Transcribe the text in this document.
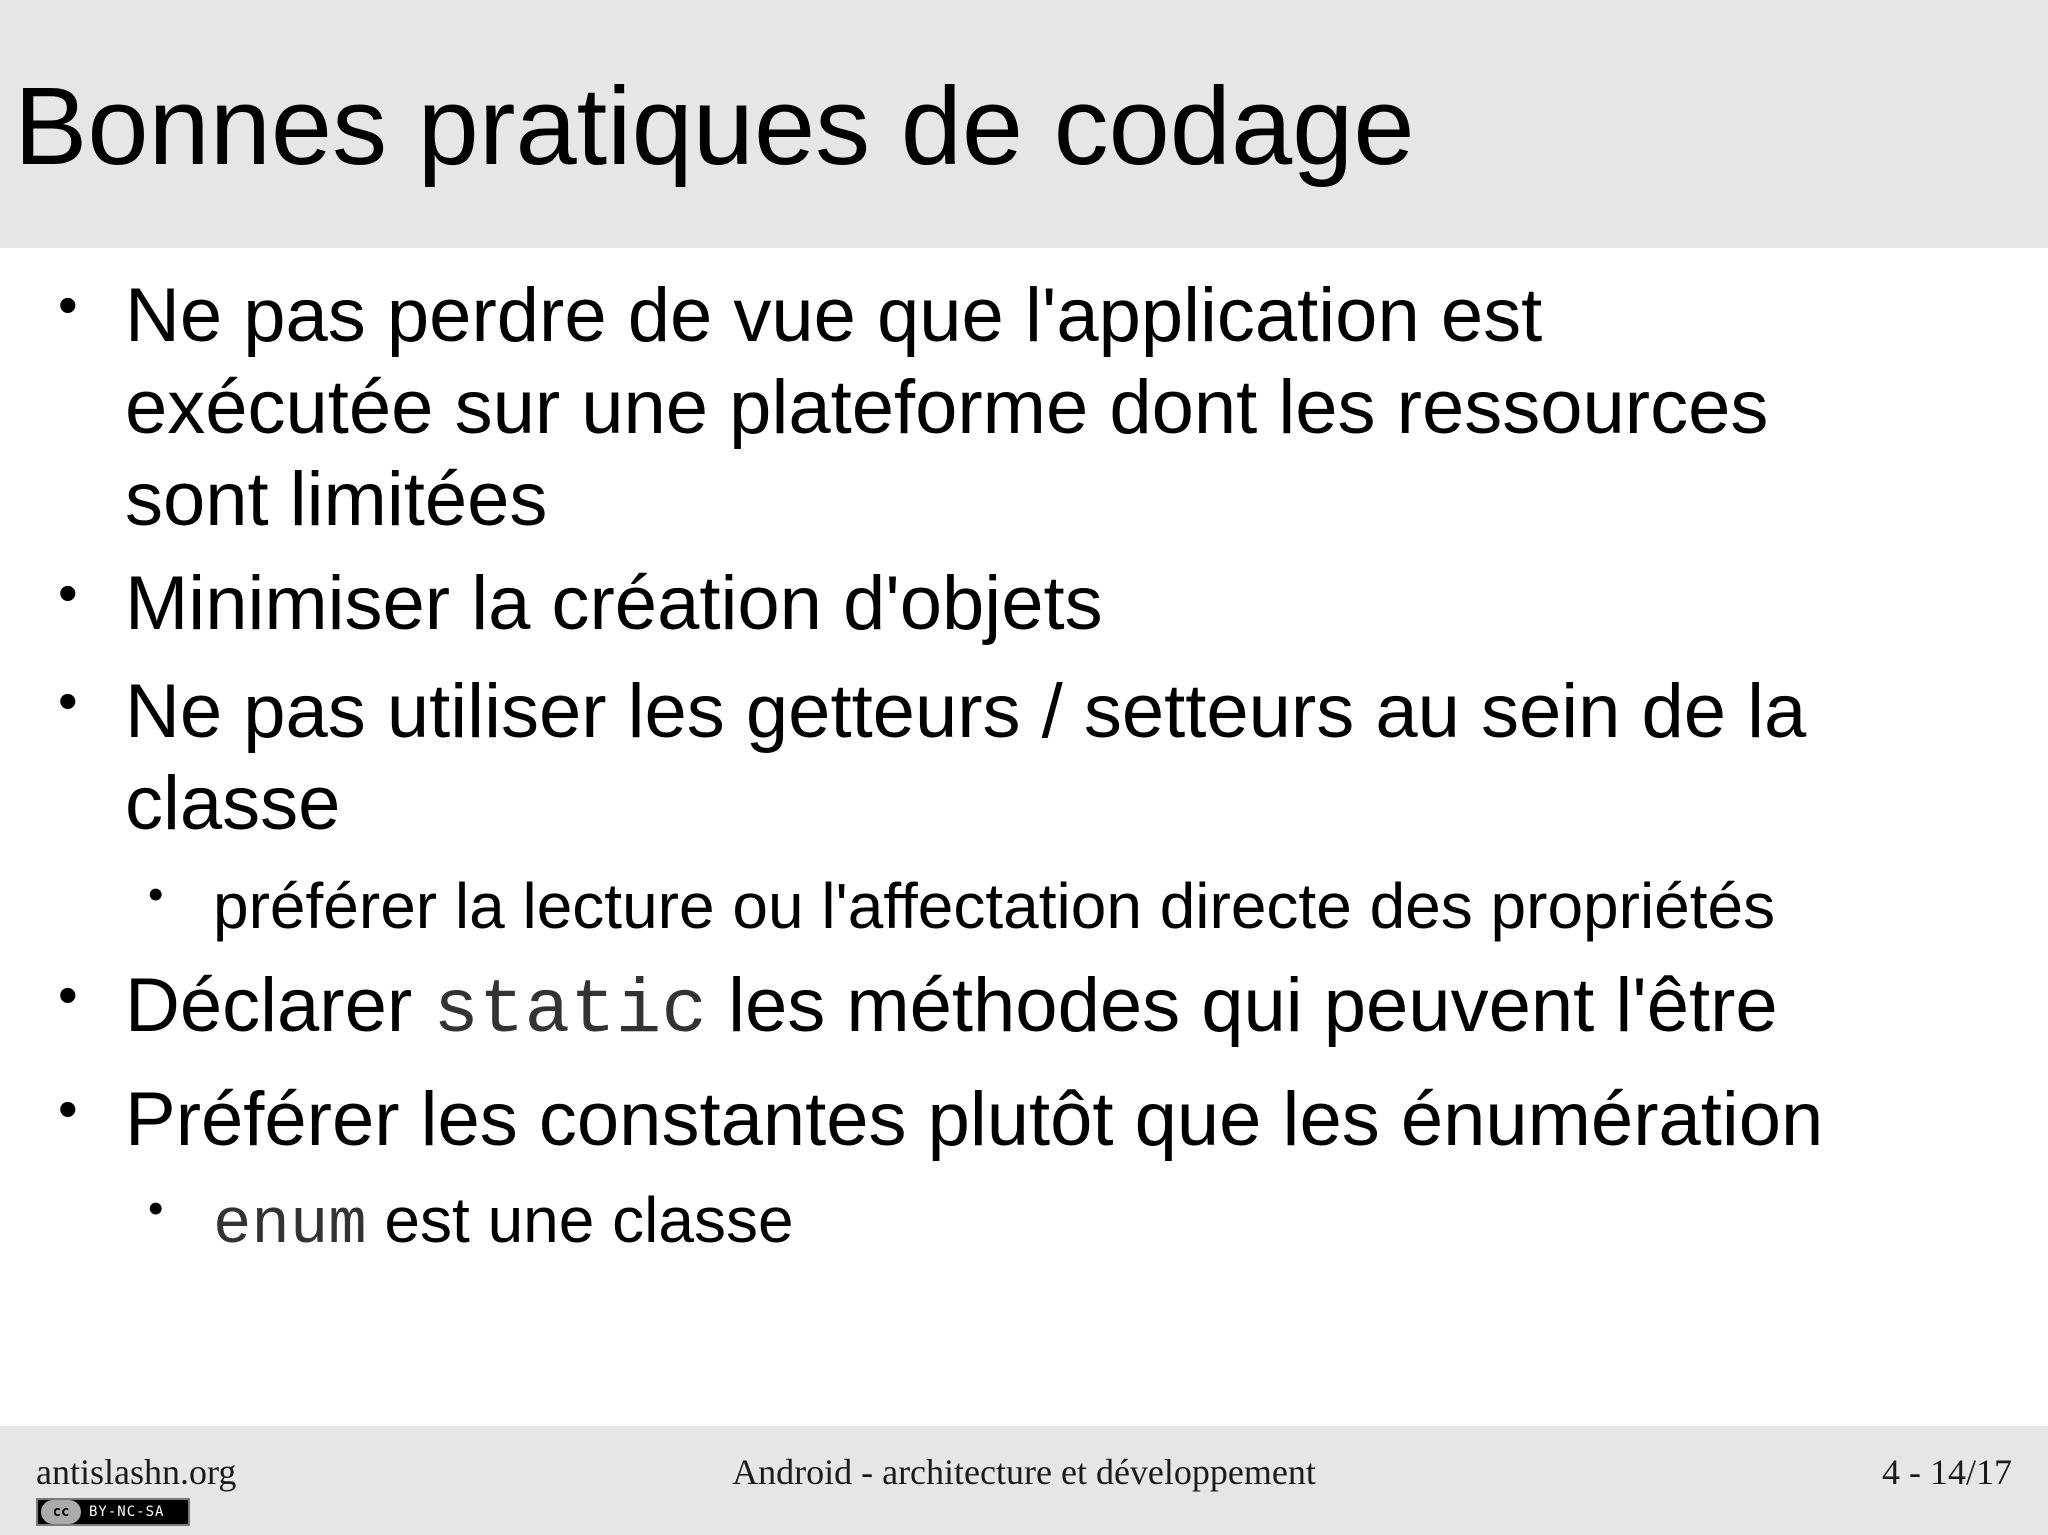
Bonnes pratiques de codage
• Ne pas perdre de vue que l'application est
exécutée sur une plateforme dont les ressources
sont limitées
• Minimiser la création d'objets
• Ne pas utiliser les getteurs / setteurs au sein de la
classe
• préférer la lecture ou l'affectation directe des propriétés
• Déclarer static les méthodes qui peuvent l'être
• Préférer les constantes plutôt que les énumération
• enum est une classe
antislashn.org	Android - architecture et développement	4 - 14/17
cc	BY-NC-SA
